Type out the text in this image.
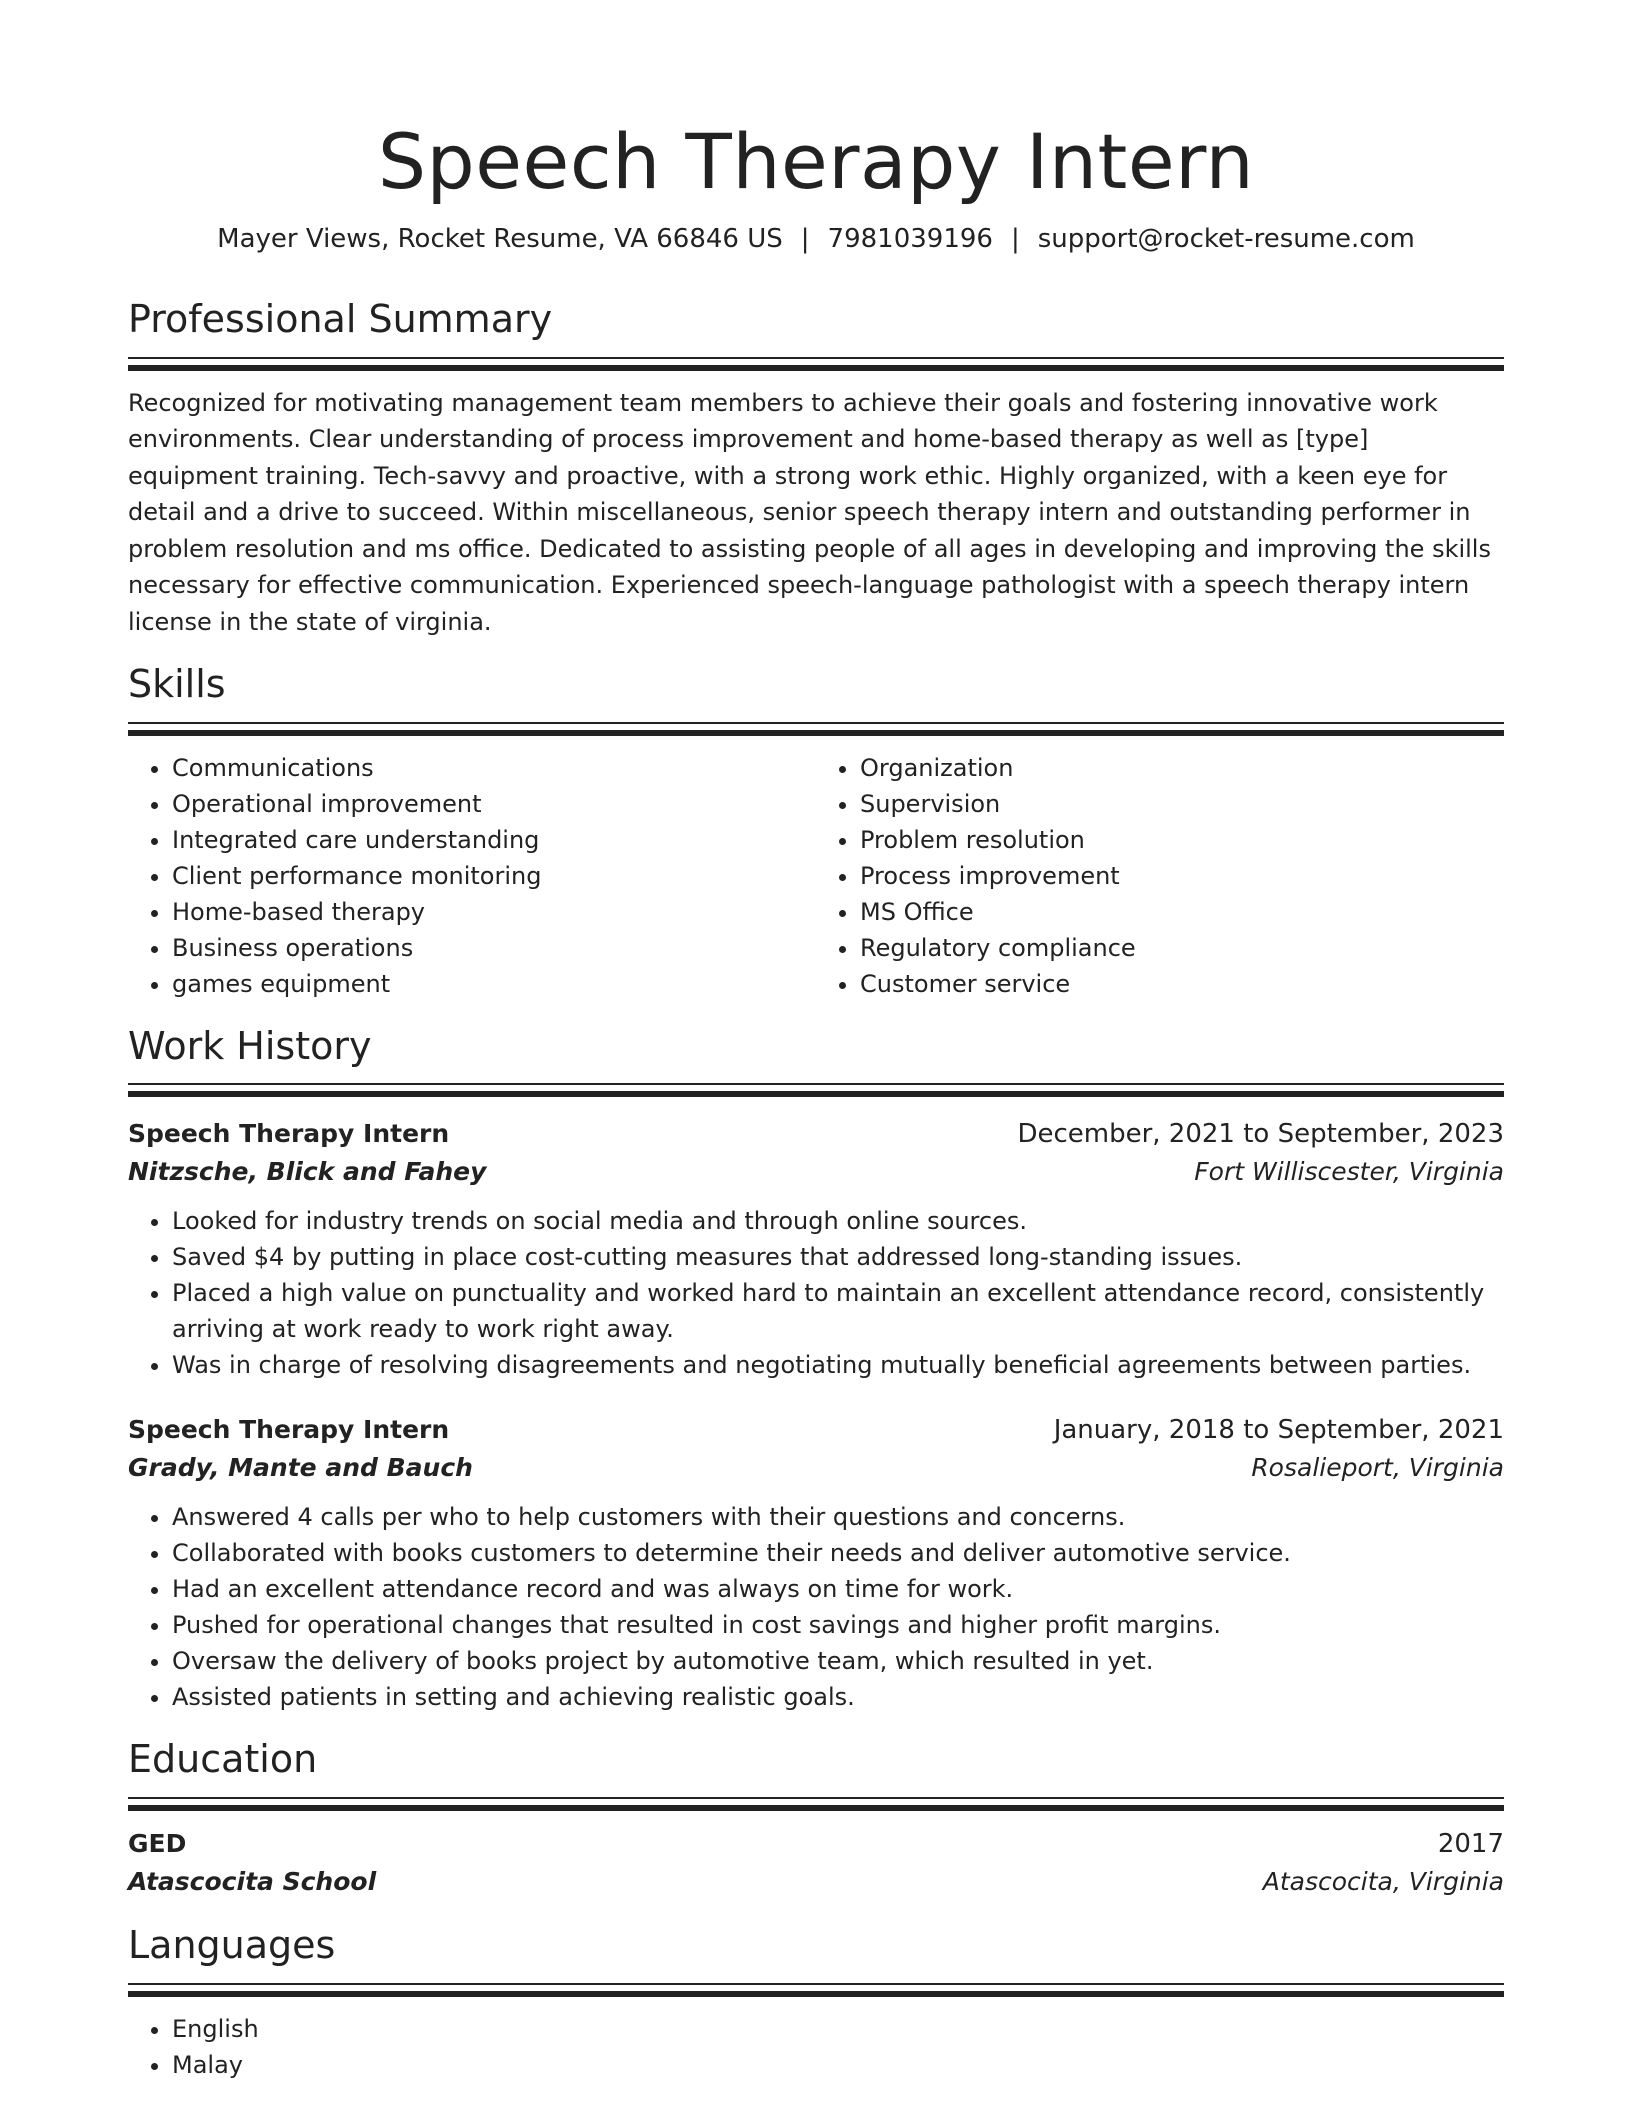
Speech Therapy Intern
Mayer Views, Rocket Resume, VA 66846 US | 7981039196 | support@rocket-resume.com
Professional Summary

Recognized for motivating management team members to achieve their goals and fostering innovative work environments. Clear understanding of process improvement and home-based therapy as well as [type] equipment training. Tech-savvy and proactive, with a strong work ethic. Highly organized, with a keen eye for detail and a drive to succeed. Within miscellaneous, senior speech therapy intern and outstanding performer in problem resolution and ms office. Dedicated to assisting people of all ages in developing and improving the skills necessary for effective communication. Experienced speech-language pathologist with a speech therapy intern license in the state of virginia.

Skills
• Communications
• Operational improvement
• Integrated care understanding
• Client performance monitoring
• Home-based therapy
• Business operations
• games equipment
• Organization
• Supervision
• Problem resolution
• Process improvement
• MS Office
• Regulatory compliance
• Customer service
Work History
Speech Therapy Intern	December, 2021 to September, 2023
Nitzsche, Blick and Fahey	Fort Williscester, Virginia
• Looked for industry trends on social media and through online sources.
• Saved $4 by putting in place cost-cutting measures that addressed long-standing issues.
• Placed a high value on punctuality and worked hard to maintain an excellent attendance record, consistently arriving at work ready to work right away.
• Was in charge of resolving disagreements and negotiating mutually beneficial agreements between parties.
Speech Therapy Intern	January, 2018 to September, 2021
Grady, Mante and Bauch	Rosalieport, Virginia
• Answered 4 calls per who to help customers with their questions and concerns.
• Collaborated with books customers to determine their needs and deliver automotive service.
• Had an excellent attendance record and was always on time for work.
• Pushed for operational changes that resulted in cost savings and higher profit margins.
• Oversaw the delivery of books project by automotive team, which resulted in yet.
• Assisted patients in setting and achieving realistic goals.
Education
GED	2017
Atascocita School	Atascocita, Virginia
Languages
• English
• Malay
